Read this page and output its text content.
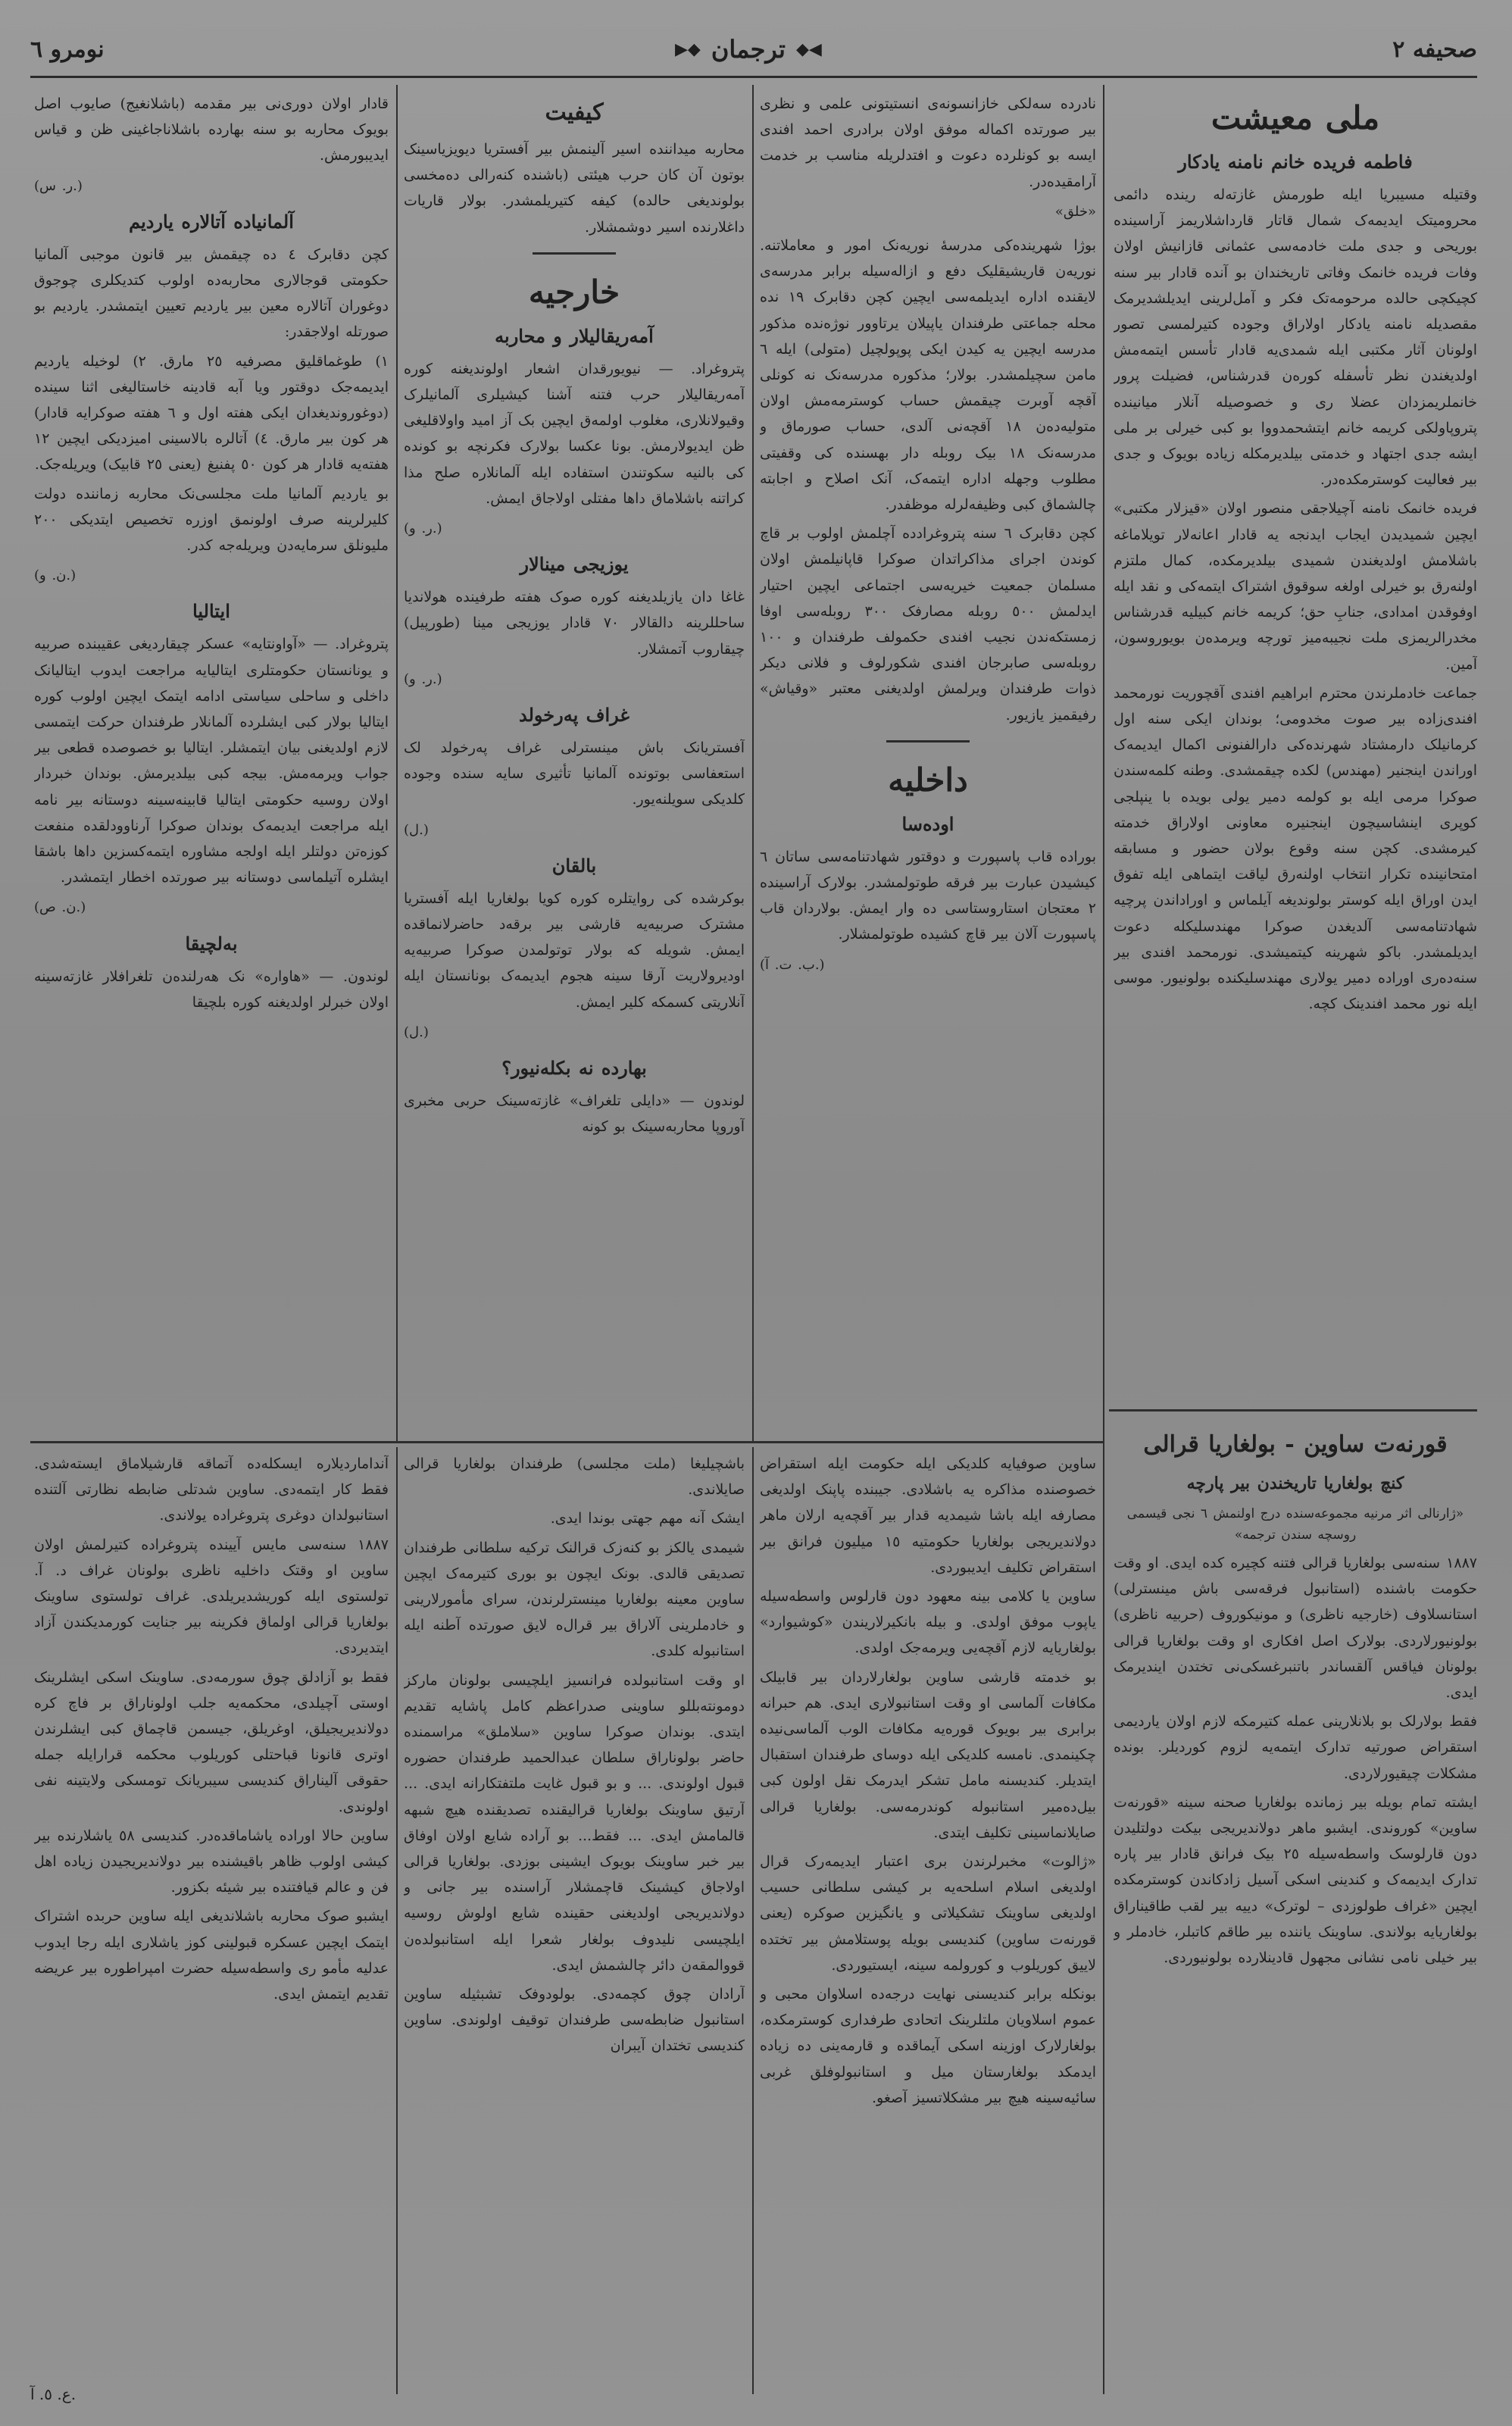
صحیفه ۲
◀◆
ترجمان
◆▶
نومرو ٦
ملی معیشت
فاطمه فریده خانم نامنه یادکار

وقتیله مسیبریا ایله طورمش غازته‌له رینده دائمی محرومیتک ایدیمه‌ک شمال قاتار قارداشلاریمز آراسینده بوریحی و جدی ملت خادمه‌سی عثمانی قازانیش اولان وفات فریده خانمک وفاتی تاریخندان بو آنده قادار بیر سنه کچیکچی حالده مرحومه‌تک فکر و آمل‌لرینی ایدیلشدیرمک مقصدیله نامنه یادکار اولاراق وجوده کتیرلمسی تصور اولونان آثار مکتبی ایله شمدی‌یه قادار تأسس ایتمه‌مش اولدیغندن نظر تأسفله کوره‌ن قدرشناس، فضیلت پرور خانملریمزدان عضلا ری و خصوصیله آنلار میانینده پتروپاولکی کریمه خانم ایتشحمدووا بو کبی خیرلی بر ملی ایشه‌ جدی اجتهاد و خدمتی بیلدیرمکله زیاده بویوک و جدی بیر فعالیت کوسترمکده‌در.

فریده خانمک نامنه آچیلاجقی منصور اولان «قیزلار مکتبی» ایچین شمیدیدن ایجاب ایدنجه‌ یه قادار اعانه‌لار تویلاماغه باشلامش اولدیغندن شمیدی بیلدیرمکده، کمال ملتزم اولنه‌رق بو خیرلی اولغه سوقوق اشتراک ایتمه‌کی و نقد ایله اوفوقدن امدادی، جنابِ حق؛ کریمه خانم کبیلیه قدرشناس مخدرالریمزی ملت نجیبه‌میز تورچه ویرمده‌ن بویوروسون، آمین.

جماعت خادملرندن محترم ابراهیم افندی آقچوریت نورمحمد افندی‌زاده بیر صوت مخدومی؛ بوندان ایکی سنه اول کرمانیلک دارمشتاد شهرنده‌کی دارالفنونی اکمال ایدیمه‌ک اوراندن اینجنیر (مهندس) لکده چیقمشدی. وطنه کلمه‌سندن صوکرا مرمی ایله بو کولمه دمیر یولی بویده با ینپلجی کوپری اینشاسیچون اینجنیره معاونی اولاراق خدمته کیرمشدی. کچن سنه وقوع بولان حضور و مسابقه امتحانینده تکرار انتخاب اولنه‌رق لیاقت ایتماهی ایله تفوق ایدن اوراق ایله کوستر بولوندیغه آیلماس و اوراداندن پرچیه شهادتنامه‌سی آلدیغدن صوکرا مهندسلیکله دعوت ایدیلمشدر. باکو شهرینه کیتمیشدی. نورمحمد افندی بیر سنه‌ده‌ری اوراده دمیر یولاری مهندسلیکنده بولونیور. موسی ایله نور محمد افندینک کچه.

نادرده سه‌لکی خازانسونه‌ی انستیتونی علمی و نظری بیر صورتده اکماله موفق اولان برادری احمد افندی ایسه بو کونلرده دعوت و افتدلریله مناسب بر خدمت آرامقیده‌در.

«خلق»

بوژا شهرینده‌کی مدرسهٔ نوریه‌نک امور و معاملاتنه. نوریه‌ن قاریشیقلیک دفع و ازاله‌سیله برابر مدرسه‌ی لایقنده اداره ایدیلمه‌سی ایچین کچن دقابرک ١٩ نده محله جماعتی طرفندان یاپیلان یرتاوور نوژه‌نده مذکور مدرسه ایچین یه کیدن ایکی پوپولچیل (متولی) ایله ٦ مامن سچیلمشدر. بولار؛ مذکوره مدرسه‌نک نه کونلی آقچه آوبرت چیقمش حساب کوسترمه‌مش اولان متولیه‌ده‌ن ١٨ آقچه‌نی آلدی، حساب صورماق و مدرسه‌نک ١٨ بیک روبله دار بهسنده کی وقفیتی مطلوب وجهله اداره ایتمه‌ک، آنک اصلاح و اجابته چالشماق کبی وظیفه‌لرله موظفدر.

کچن دقابرک ٦ سنه پتروغرادده آچلمش اولوب بر قاچ کوندن اجرای مذاکراتدان صوکرا قاپانیلمش اولان مسلمان جمعیت خیریه‌سی اجتماعی ایچین احتیار ایدلمش ٥٠٠ روبله مصارفک ٣٠٠ روبله‌سی اوفا زمستکه‌ندن نجیب افندی حکمولف طرفندان و ١٠٠ روبله‌سی صابرجان افندی شکورلوف و فلانی دیکر ذوات طرفندان ویرلمش اولدیغنی معتبر «وقیاش» رفیقمیز یازیور.

داخلیه
اودەسا

بوراده قاب پاسپورت و دوقتور شهادتنامه‌سی ساتان ٦ کیشیدن عبارت بیر فرقه طوتولمشدر. بولارک آراسینده ٢ معتجان استاروستاسی ده وار ایمش. بولاردان قاب پاسپورت آلان بیر قاچ کشیده طوتولمشلار.

(ب. ت. آ.)
کیفیت

محاربه میداننده اسیر آلینمش بیر آفستریا دیویزیاسینک بوتون آن کان حرب هیئتی (باشنده کنه‌رالی ده‌مخسی بولوندیغی حالده) کیفه کتیریلمشدر. بولار قاریات داغلارنده اسیر دوشمشلار.

خارجیه
آمه‌ریقالیلار و محاربه

پتروغراد. — نیویورقدان اشعار اولوندیغنه کوره آمه‌ریقالیلار حرب فتنه آشنا کیشیلری آلمانیلرک وقیولانلاری، مغلوب اولمه‌ق ایچین بک آز امید واولاقلیغی ظن ایدیولارمش. بونا عکسا بولارک فکرنچه بو کونده کی بالنیه سکوتندن استفاده ایله آلمانلاره صلح مذا کراتنه باشلاماق داها مفتلی اولاجاق ایمش.

(ر. و.)
یوزیجی مینالار

غاغا دان یازیلدیغنه کوره صوک هفته طرفینده هولاندیا ساحللرینه دالقالار ٧٠ قادار یوزیجی مینا (طورپیل) چیقاروب آتمشلار.

(ر. و.)
غراف پەرخولد

آفستریانک باش مینسترلی غراف پەرخولد لک استعفاسی بوتونده آلمانیا تأثیری سایه سنده وجوده کلدیکی سویلنه‌یور.

(ل.)
بالقان

بوکرشده کی روایتلره کوره کویا بولغاریا ایله آفستریا مشترک صربیه‌یه قارشی بیر برقه‌د حاضرلانماقده ایمش. شویله که بولار توتولمدن صوکرا صربیه‌یه اودیرولاریت آرقا سینه هجوم ایدیمه‌ک بونانستان ایله آنلاریتی کسمکه کلیر ایمش.

(ل.)
بهارده نه بکله‌نیور؟

لوندون — «دایلی تلغراف» غازته‌سینک حربی مخبری آوروپا محاربه‌سینک بو کونه

قادار اولان دوری‌نی بیر مقدمه (باشلانغیج) صایوب اصل بویوک محاربه بو سنه بهارده باشلاناجاغینی ظن و قیاس ایدیبورمش.

(ر. س.)
آلمانیاده آتالاره یاردیم

کچن دقابرک ٤ ده چیقمش بیر قانون موجبی آلمانیا حکومتی قوجالاری محاربه‌ده اولوب کتدیکلری چوجوق دوغوران آتالاره معین بیر یاردیم تعیین ایتمشدر. یاردیم بو صورتله اولاجقدر:

١) طوغماقلیق مصرفیه ٢٥ مارق. ٢) لوخیله یاردیم ایدیمه‌جک دوقتور ویا آبه قادینه خاستالیغی اثنا سینده (دوغوروندیغدان ایکی هفته اول و ٦ هفته صوکرایه قادار) هر کون بیر مارق. ٤) آتالره بالاسینی امیزدیکی ایچین ١٢ هفته‌یه قادار هر کون ٥٠ پفنیغ (یعنی ٢٥ قابیک) ویریله‌جک.

بو یاردیم آلمانیا ملت مجلسی‌نک محاربه زماننده دولت کلیرلرینه صرف اولونمق اوزره تخصیص ایتدیکی ٢٠٠ ملیونلق سرمایه‌دن ویریله‌جه کدر.

(ن. و.)
ایتالیا

پتروغراد. — «آواونتایه» عسکر چیقاردیغی عقیبنده صربیه و یونانستان حکومتلری ایتالیایه مراجعت ایدوب ایتالیانک داخلی و ساحلی سیاستی ادامه ایتمک ایچین اولوب کوره ایتالیا بولار کبی ایشلرده آلمانلار طرفندان حرکت ایتمسی لازم اولدیغنی بیان ایتمشلر. ایتالیا بو خصوصده قطعی بیر جواب ویرمه‌مش. بیجه کبی بیلدیرمش. بوندان خبردار اولان روسیه حکومتی ایتالیا قابینه‌سینه دوستانه بیر نامه ایله مراجعت ایدیمه‌ک بوندان صوکرا آرناوودلقده منفعت کوزه‌تن دولتلر ایله اولجه مشاوره ایتمه‌کسزین داها باشقا ایشلره آتیلماسی دوستانه بیر صورتده اخطار ایتمشدر.

(ن. ص.)
بەلچیقا

لوندون. — «هاواره» نک هەرلنده‌ن تلغرافلار غازته‌سینه اولان خبرلر اولدیغنه کوره بلچیقا

قورنەت ساوین - بولغاریا قرالی
کنچ بولغاریا تاریخندن بیر پارچه
«ژارنالی اثر مرنیه مجموعه‌سنده درج اولنمش ٦ نجی قیسمی روسچه سندن ترجمه»

١٨٨٧ سنه‌سی بولغاریا قرالی فتنه کچیره کده ایدی. او وقت حکومت باشنده (استانبول فرقه‌سی باش مینسترلی) استانسلاوف (خارجیه ناظری) و مونیکوروف (حربیه ناظری) بولونیورلاردی. بولارک اصل افکاری او وقت بولغاریا قرالی بولونان فیاقس آلقساندر باتنبرغسکی‌نی تختدن ایندیرمک ایدی.

فقط بولارلک بو بلانلارینی عمله کتیرمکه لازم اولان یاردیمی استقراض صورتیه تدارک ایتمه‌یه لزوم کوردیلر. بونده مشکلات چیقیورلاردی.

ایشته تمام بویله بیر زمانده بولغاریا صحنه سینه «قورنەت ساوین» کوروندی. ایشبو ماهر دولاندیریجی بیکت دولتلیدن دون قارلوسک واسطه‌سیله ٢٥ بیک فرانق قادار بیر پاره تدارک ایدیمه‌ک و کندینی اسکی آسیل زادکاندن کوسترمکده ایچین «غراف طولوزدی – لوترک» دییه بیر لقب طاقیناراق بولغاریایه بولاندی. ساوینک یاننده بیر طاقم کاتبلر، خادملر و بیر خیلی نامی نشانی مجهول قادینلارده بولونیوردی.

ساوین صوفیایه کلدیکی ایله حکومت ایله استقراض خصوصنده مذاکره یه باشلادی. جیبنده پاپنک اولدیغی مصارفه ایله باشا شیمدیه قدار بیر آقچه‌یه ارلان ماهر دولاندیریجی بولغاریا حکومتیه ١٥ میلیون فرانق بیر استقراض تکلیف ایدیبوردی.

ساوین یا کلامی بینه معهود دون قارلوس واسطه‌سیله یاپوب موفق اولدی. و بیله بانکیرلاریندن «کوشیوارد» بولغاریایه لازم آقچه‌یی ویرمه‌جک اولدی.

بو خدمته قارشی ساوین بولغارلاردان بیر قابیلک مکافات آلماسی او وقت استانبولاری ایدی. هم حبرانه برابری بیر بویوک قوره‌یه مکافات الوب آلماسی‌نیده‌ چکینمدی. نامسه کلدیکی ایله دوسای طرفندان استقبال ایتدیلر. کندیسنه مامل تشکر ایدرمک نقل اولون کبی بیل‌ده‌میر استانبوله کوندرمه‌سی. بولغاریا قرالی صایلانماسینی تکلیف ایتدی.

«ژالوت» مخبرلرندن بری اعتبار ایدیمه‌رک قرال اولدیغی اسلام اسلحه‌یه بر کیشی سلطانی حسیب اولدیغی ساوینک تشکیلاتی و یانگیزین صوکره (یعنی قورنەت ساوین) کندیسی بویله پوستلامش بیر تختده لاییق کوریلوب و کورولمه سینه، ایستیوردی.

بونکله برابر کندیسنی نهایت درجه‌ده اسلاوان محبی و عموم اسلاویان ملتلرینک اتحادی طرفداری کوسترمکده، بولغارلارک اوزینه اسکی آیماقده و قارمه‌ینی ده زیاده ایدمکد بولغارستان میل و استانبولوفلق غربی سائیه‌سینه هیچ بیر مشکلاتسیز آصغو.

باشچیلیغا (ملت مجلسی) طرفندان بولغاریا قرالی صایلاندی.

ایشک آنه مهم جهتی بوندا ایدی.

شیمدی یالکز بو کنه‌زک قرالنک ترکیه سلطانی طرفندان تصدیقی قالدی. بونک ایچون بو بوری کتیرمه‌ک ایچین ساوین معینه بولغاریا مینسترلرندن، سرای مأمورلارینی و خادملرینی آلاراق بیر قرال‌ه لایق صورتده آطنه ایله استانبوله کلدی.

او وقت استانبولده فرانسیز ایلچیسی بولونان مارکز دومونته‌بللو ساوینی صدراعظم کامل پاشایه تقدیم ایتدی. بوندان صوکرا ساوین «سلاملق» مراسمنده حاضر بولوناراق سلطان عبدالحمید طرفندان حضوره قبول اولوندی. ... و بو قبول غایت ملتفتکارانه ایدی. ... آرتیق ساوینک بولغاریا قرالیقنده تصدیقنده هیچ شبهه قالمامش ایدی. ... فقط... بو آراده شایع اولان اوفاق بیر خبر ساوینک بویوک ایشینی بوزدی. بولغاریا قرالی اولاجاق کیشینک قاچمشلار آراسنده بیر جانی و دولاندیریجی اولدیغنی حقینده شایع اولوش روسیه ایلچیسی نلیدوف بولغار شعرا ایله استانبولده‌ن قووالمقه‌ن دائر چالشمش ایدی.

آرادان چوق کچمه‌دی. بولودوفک تشبثیله ساوین استانبول ضابطه‌سی طرفندان توقیف اولوندی. ساوین کندیسی تختدان آیبران

آنداماردیلاره ایسکله‌ده آتماقه قارشیلاماق ایسته‌شدی. فقط کار ایتمه‌دی. ساوین شدتلی ضابطه نظارتی آلتنده استانبولدان دوغری پتروغراده یولاندی.

١٨٨٧ سنه‌سی مایس آیینده پتروغراده کتیرلمش اولان ساوین او وقتک داخلیه ناظری بولونان غراف د. آ. تولستوی ایله کوریشدیریلدی. غراف تولستوی ساوینک بولغاریا قرالی اولماق فکرینه بیر جنایت کورمدیکندن آزاد ایتدیردی.

فقط بو آزادلق چوق سورمه‌دی. ساوینک اسکی ایشلرینک اوستی آچیلدی، محکمه‌یه جلب اولوناراق بر فاچ کره دولاندیریجیلق، اوغریلق، جیسمن قاچماق کبی ایشلرندن اوتری قانونا قباحتلی کوریلوب محکمه قرارایله جمله حقوقی آلیناراق کندیسی سیبریانک تومسکی ولایتینه نفی اولوندی.

ساوین حالا اوراده یاشاماقده‌در. کندیسی ٥٨ یاشلارنده بیر کیشی اولوب ظاهر باقیشنده بیر دولاندیریجیدن زیاده اهل فن و عالم قیافتنده بیر شیئه بکزور.

ایشبو صوک محاربه باشلاندیغی ایله ساوین حربده اشتراک ایتمک ایچین عسکره قبولینی کوز یاشلاری ایله رجا ایدوب عدلیه مأمو ری واسطه‌سیله حضرت امپراطوره بیر عریضه تقدیم ایتمش ایدی.

ع. ٥. آ.
